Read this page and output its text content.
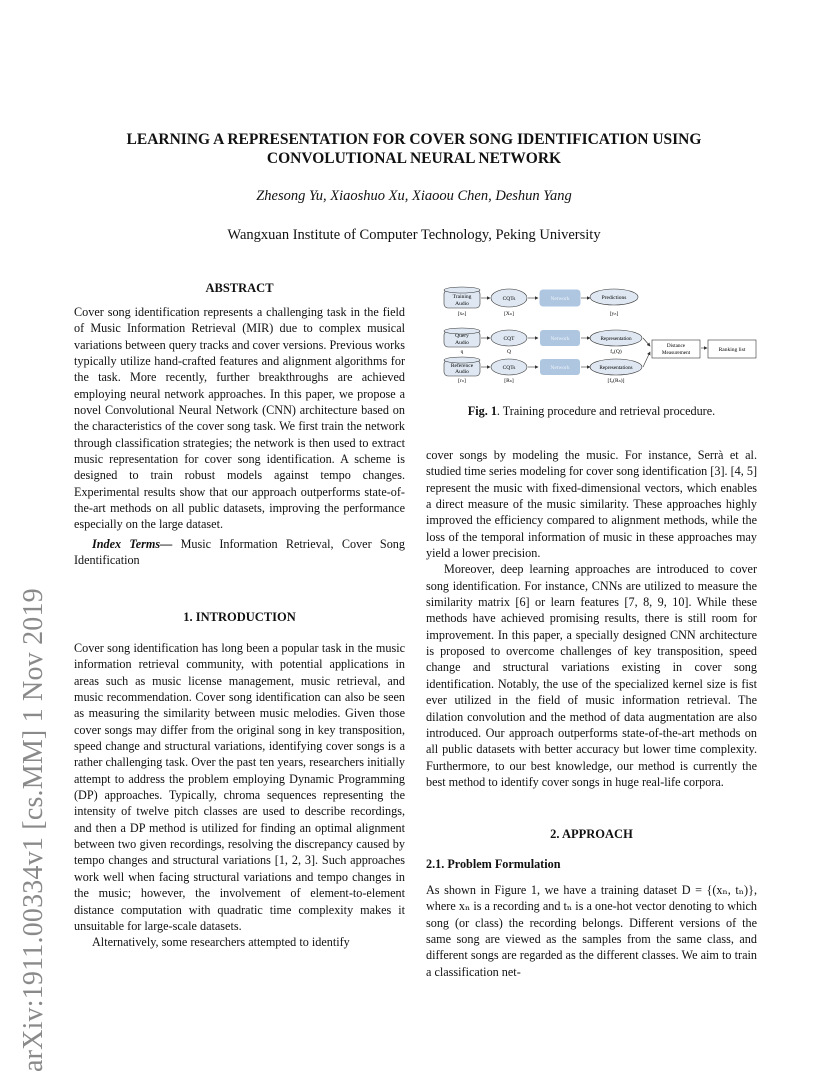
arXiv:1911.00334v1 [cs.MM] 1 Nov 2019
LEARNING A REPRESENTATION FOR COVER SONG IDENTIFICATION USING
CONVOLUTIONAL NEURAL NETWORK
Zhesong Yu, Xiaoshuo Xu, Xiaoou Chen, Deshun Yang
Wangxuan Institute of Computer Technology, Peking University
ABSTRACT

Cover song identification represents a challenging task in the field of Music Information Retrieval (MIR) due to complex musical variations between query tracks and cover versions. Previous works typically utilize hand-crafted features and alignment algorithms for the task. More recently, further breakthroughs are achieved employing neural network approaches. In this paper, we propose a novel Convolutional Neural Network (CNN) architecture based on the characteristics of the cover song task. We first train the network through classification strategies; the network is then used to extract music representation for cover song identification. A scheme is designed to train robust models against tempo changes. Experimental results show that our approach outperforms state-of-the-art methods on all public datasets, improving the performance especially on the large dataset.

Index Terms— Music Information Retrieval, Cover Song Identification

1. INTRODUCTION

Cover song identification has long been a popular task in the music information retrieval community, with potential applications in areas such as music license management, music retrieval, and music recommendation. Cover song identification can also be seen as measuring the similarity between music melodies. Given those cover songs may differ from the original song in key transposition, speed change and structural variations, identifying cover songs is a rather challenging task. Over the past ten years, researchers initially attempt to address the problem employing Dynamic Programming (DP) approaches. Typically, chroma sequences representing the intensity of twelve pitch classes are used to describe recordings, and then a DP method is utilized for finding an optimal alignment between two given recordings, resolving the discrepancy caused by tempo changes and structural variations [1, 2, 3]. Such approaches work well when facing structural variations and tempo changes in the music; however, the involvement of element-to-element distance computation with quadratic time complexity makes it unsuitable for large-scale datasets.

Alternatively, some researchers attempted to identify

Training
Audio
[xₙ]
CQTs
[Xₙ]
Network	Predictions
[yₙ]
Query
Audio
q
CQT
Q
Network	Representation
f₀(Q)
Reference
Audio
[rₙ]
CQTs
[Rₙ]
Network	Representations
[f₀(Rₙ)]
Distance
Measurement	Ranking list
Fig. 1. Training procedure and retrieval procedure.

cover songs by modeling the music. For instance, Serrà et al. studied time series modeling for cover song identification [3]. [4, 5] represent the music with fixed-dimensional vectors, which enables a direct measure of the music similarity. These approaches highly improved the efficiency compared to alignment methods, while the loss of the temporal information of music in these approaches may yield a lower precision.

Moreover, deep learning approaches are introduced to cover song identification. For instance, CNNs are utilized to measure the similarity matrix [6] or learn features [7, 8, 9, 10]. While these methods have achieved promising results, there is still room for improvement. In this paper, a specially designed CNN architecture is proposed to overcome challenges of key transposition, speed change and structural variations existing in cover song identification. Notably, the use of the specialized kernel size is fist ever utilized in the field of music information retrieval. The dilation convolution and the method of data augmentation are also introduced. Our approach outperforms state-of-the-art methods on all public datasets with better accuracy but lower time complexity. Furthermore, to our best knowledge, our method is currently the best method to identify cover songs in huge real-life corpora.

2. APPROACH
2.1. Problem Formulation

As shown in Figure 1, we have a training dataset D = {(xₙ, tₙ)}, where xₙ is a recording and tₙ is a one-hot vector denoting to which song (or class) the recording belongs. Different versions of the same song are viewed as the samples from the same class, and different songs are regarded as the different classes. We aim to train a classification net-
